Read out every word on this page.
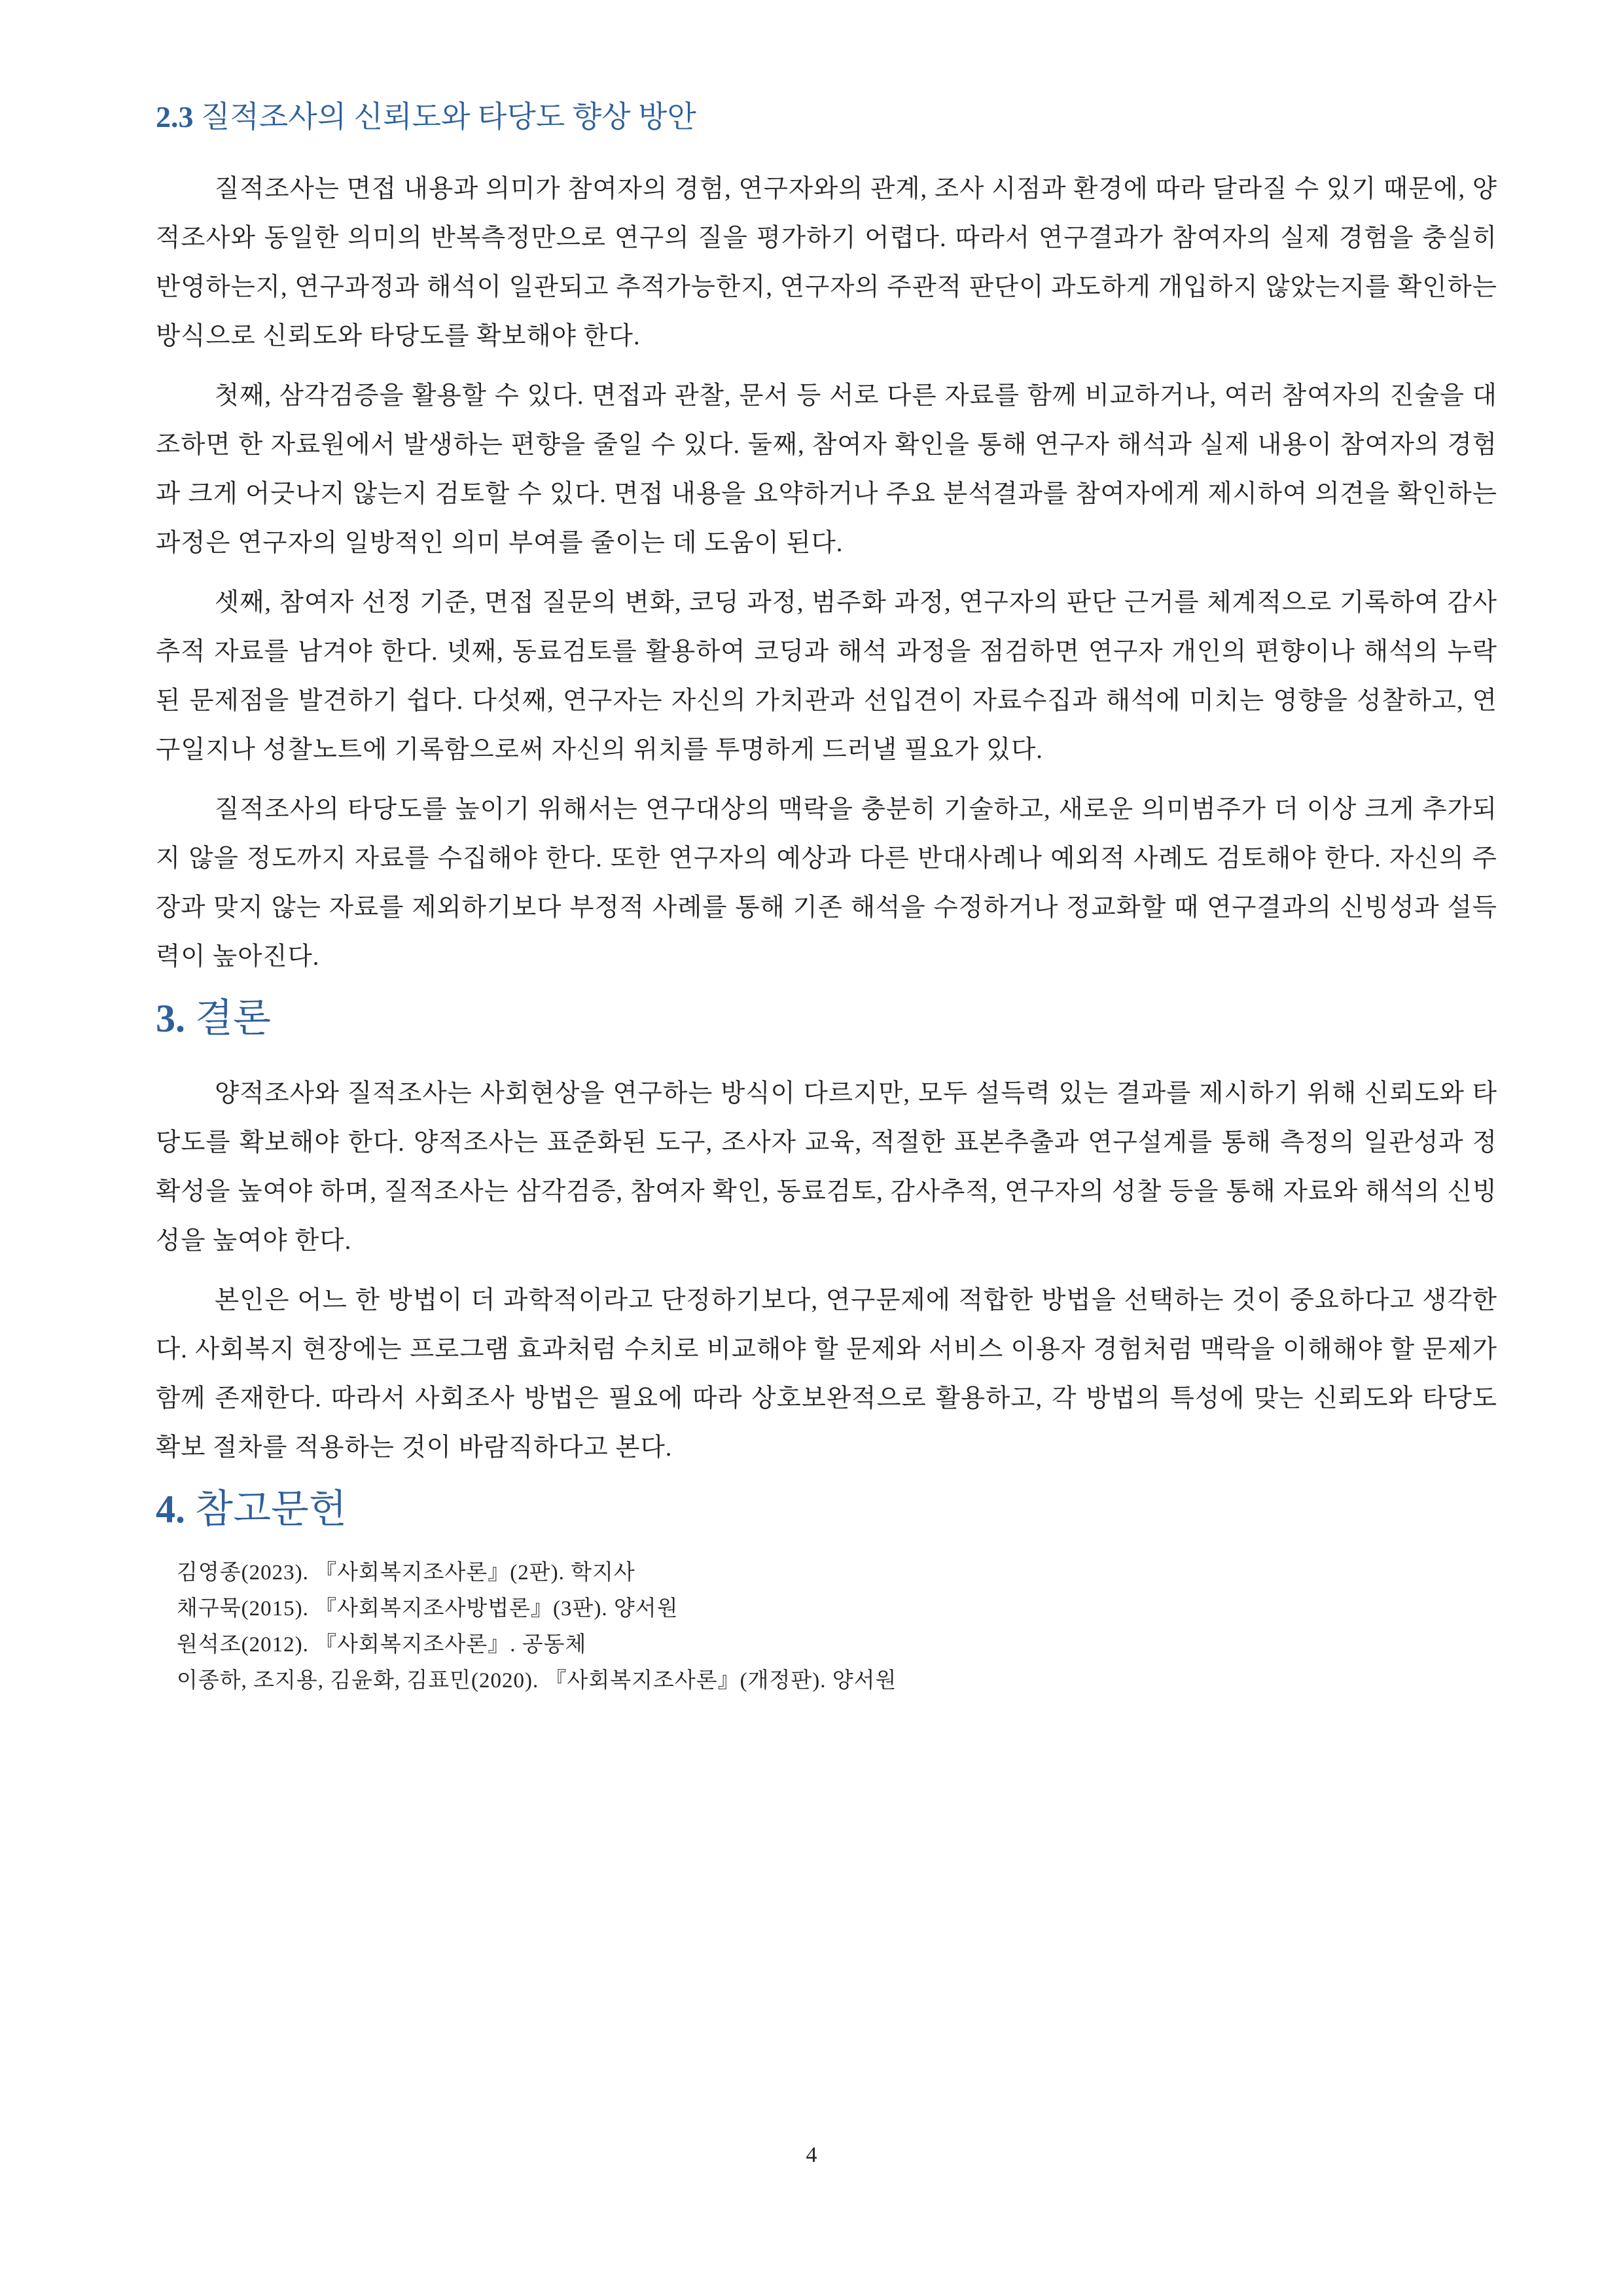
2.3 질적조사의 신뢰도와 타당도 향상 방안

질적조사는 면접 내용과 의미가 참여자의 경험, 연구자와의 관계, 조사 시점과 환경에 따라 달라질 수 있기 때문에, 양적조사와 동일한 의미의 반복측정만으로 연구의 질을 평가하기 어렵다. 따라서 연구결과가 참여자의 실제 경험을 충실히 반영하는지, 연구과정과 해석이 일관되고 추적가능한지, 연구자의 주관적 판단이 과도하게 개입하지 않았는지를 확인하는 방식으로 신뢰도와 타당도를 확보해야 한다.

첫째, 삼각검증을 활용할 수 있다. 면접과 관찰, 문서 등 서로 다른 자료를 함께 비교하거나, 여러 참여자의 진술을 대조하면 한 자료원에서 발생하는 편향을 줄일 수 있다. 둘째, 참여자 확인을 통해 연구자 해석과 실제 내용이 참여자의 경험과 크게 어긋나지 않는지 검토할 수 있다. 면접 내용을 요약하거나 주요 분석결과를 참여자에게 제시하여 의견을 확인하는 과정은 연구자의 일방적인 의미 부여를 줄이는 데 도움이 된다.

셋째, 참여자 선정 기준, 면접 질문의 변화, 코딩 과정, 범주화 과정, 연구자의 판단 근거를 체계적으로 기록하여 감사 추적 자료를 남겨야 한다. 넷째, 동료검토를 활용하여 코딩과 해석 과정을 점검하면 연구자 개인의 편향이나 해석의 누락된 문제점을 발견하기 쉽다. 다섯째, 연구자는 자신의 가치관과 선입견이 자료수집과 해석에 미치는 영향을 성찰하고, 연구일지나 성찰노트에 기록함으로써 자신의 위치를 투명하게 드러낼 필요가 있다.

질적조사의 타당도를 높이기 위해서는 연구대상의 맥락을 충분히 기술하고, 새로운 의미범주가 더 이상 크게 추가되지 않을 정도까지 자료를 수집해야 한다. 또한 연구자의 예상과 다른 반대사례나 예외적 사례도 검토해야 한다. 자신의 주장과 맞지 않는 자료를 제외하기보다 부정적 사례를 통해 기존 해석을 수정하거나 정교화할 때 연구결과의 신빙성과 설득력이 높아진다.

3. 결론

양적조사와 질적조사는 사회현상을 연구하는 방식이 다르지만, 모두 설득력 있는 결과를 제시하기 위해 신뢰도와 타당도를 확보해야 한다. 양적조사는 표준화된 도구, 조사자 교육, 적절한 표본추출과 연구설계를 통해 측정의 일관성과 정확성을 높여야 하며, 질적조사는 삼각검증, 참여자 확인, 동료검토, 감사추적, 연구자의 성찰 등을 통해 자료와 해석의 신빙성을 높여야 한다.

본인은 어느 한 방법이 더 과학적이라고 단정하기보다, 연구문제에 적합한 방법을 선택하는 것이 중요하다고 생각한다. 사회복지 현장에는 프로그램 효과처럼 수치로 비교해야 할 문제와 서비스 이용자 경험처럼 맥락을 이해해야 할 문제가 함께 존재한다. 따라서 사회조사 방법은 필요에 따라 상호보완적으로 활용하고, 각 방법의 특성에 맞는 신뢰도와 타당도 확보 절차를 적용하는 것이 바람직하다고 본다.

4. 참고문헌
김영종(2023). 『사회복지조사론』(2판). 학지사
채구묵(2015). 『사회복지조사방법론』(3판). 양서원
원석조(2012). 『사회복지조사론』. 공동체
이종하, 조지용, 김윤화, 김표민(2020). 『사회복지조사론』(개정판). 양서원
4
